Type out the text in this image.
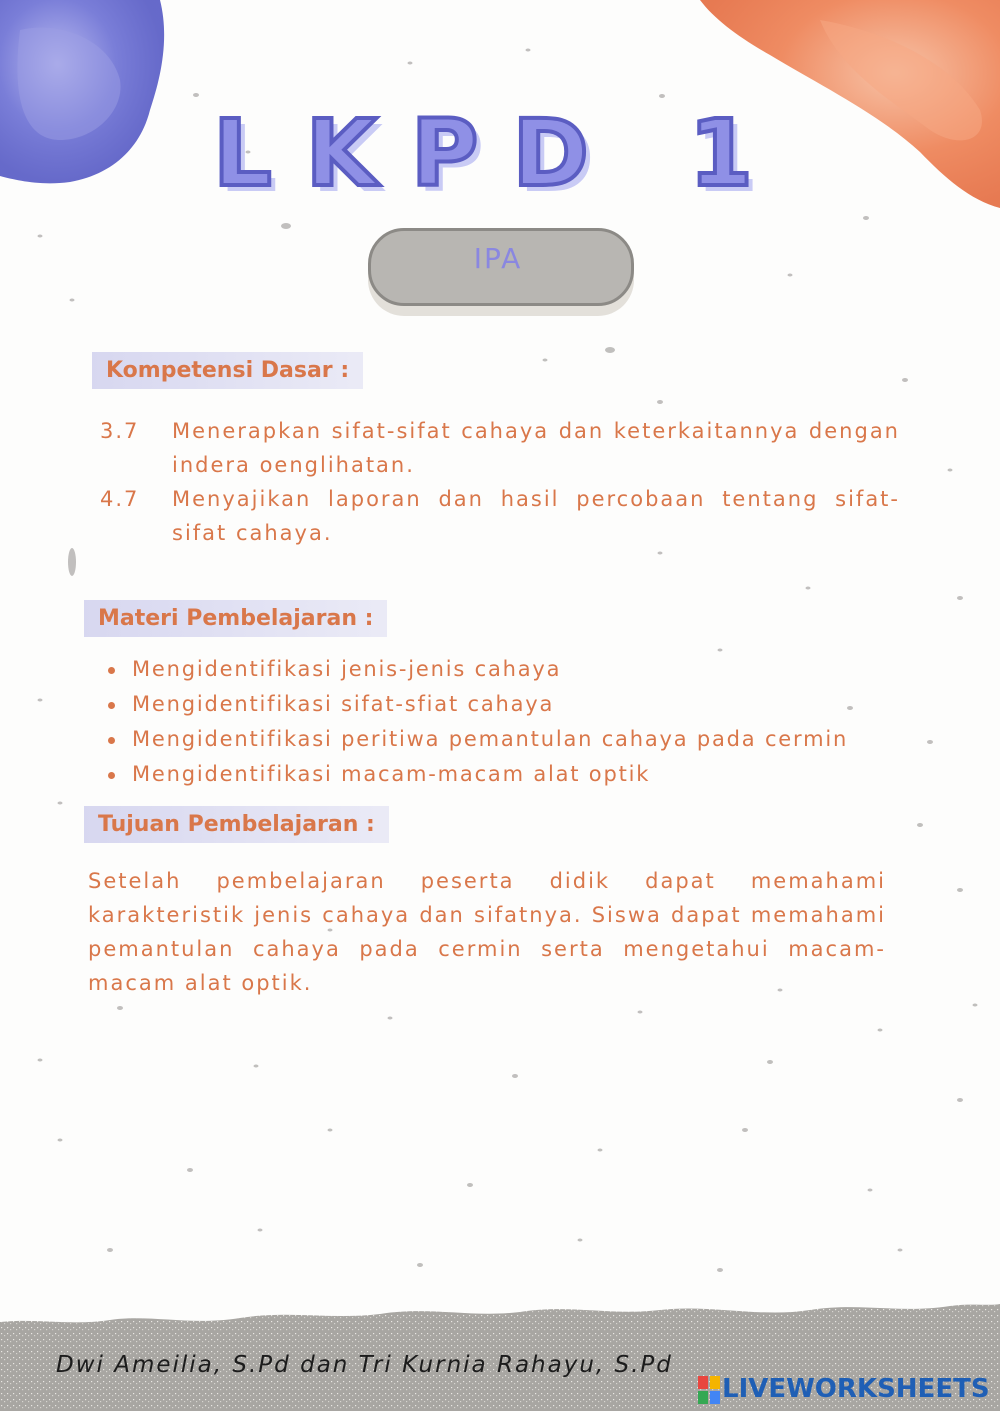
LKPD 1
IPA
Kompetensi Dasar :
3.7	Menerapkan sifat-sifat cahaya dan keterkaitannya dengan indera oenglihatan.
4.7	Menyajikan laporan dan hasil percobaan tentang sifat-sifat cahaya.
Materi Pembelajaran :
Mengidentifikasi jenis-jenis cahaya
Mengidentifikasi sifat-sfiat cahaya
Mengidentifikasi peritiwa pemantulan cahaya pada cermin
Mengidentifikasi macam-macam alat optik
Tujuan Pembelajaran :
Setelah pembelajaran peserta didik dapat memahami karakteristik jenis cahaya dan sifatnya. Siswa dapat memahami pemantulan cahaya pada cermin serta mengetahui macam-macam alat optik.
Dwi Ameilia, S.Pd dan Tri Kurnia Rahayu, S.Pd
LIVEWORKSHEETS
